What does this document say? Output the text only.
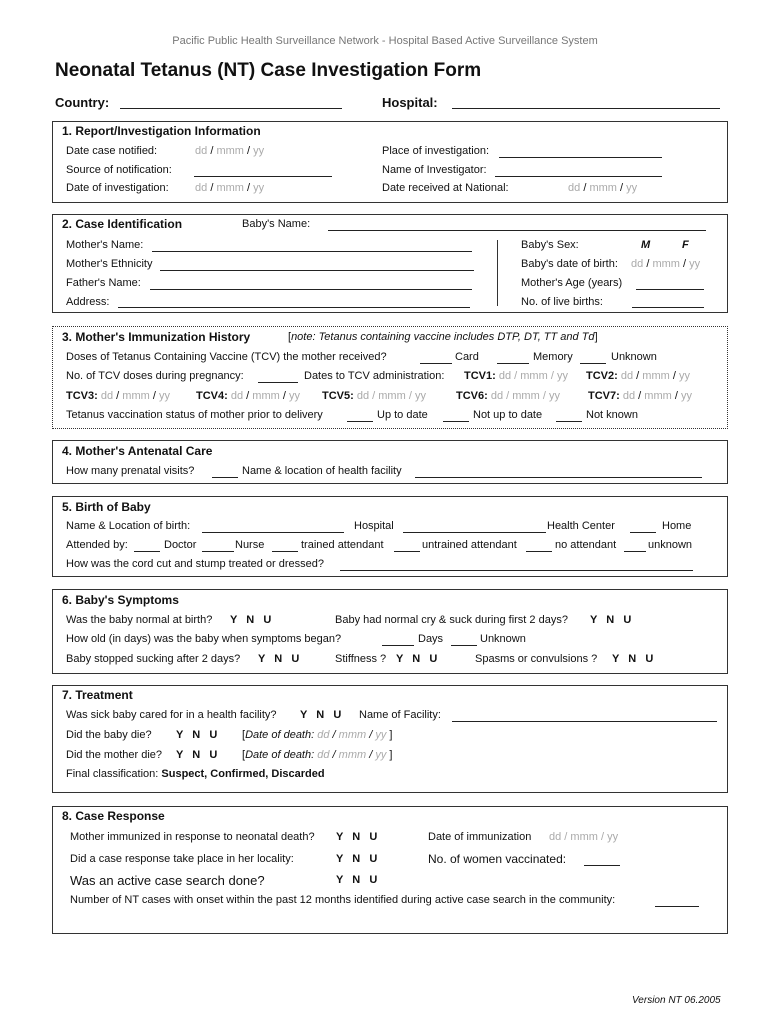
Pacific Public Health Surveillance Network - Hospital Based Active Surveillance System
Neonatal Tetanus (NT) Case Investigation Form
Country:	Hospital:
1. Report/Investigation Information
Date case notified:	dd / mmm / yy
Source of notification:
Date of investigation: dd / mmm / yy
Place of investigation:
Name of Investigator:
Date received at National:	dd / mmm / yy
2. Case Identification	Baby's Name:
Mother's Name:
Mother's Ethnicity
Father's Name:
Address:
Baby's Sex:	M	F
Baby's date of birth: dd / mmm / yy
Mother's Age (years)
No. of live births:
3. Mother's Immunization History	[note: Tetanus containing vaccine includes DTP, DT, TT and Td]
Doses of Tetanus Containing Vaccine (TCV) the mother received?	Card	Memory	Unknown
No. of TCV doses during pregnancy:	Dates to TCV administration: TCV1: dd / mmm / yy TCV2: dd / mmm / yy
TCV3: dd / mmm / yy TCV4: dd / mmm / yy TCV5: dd / mmm / yy	TCV6: dd / mmm / yy	TCV7: dd / mmm / yy
Tetanus vaccination status of mother prior to delivery	Up to date	Not up to date	Not known
4. Mother's Antenatal Care
How many prenatal visits?	Name & location of health facility
5. Birth of Baby
Name & Location of birth:	Hospital	Health Center	Home
Attended by:	Doctor	Nurse	trained attendant	untrained attendant	no attendant	unknown
How was the cord cut and stump treated or dressed?
6. Baby's Symptoms
Was the baby normal at birth? Y   N   U	Baby had normal cry & suck during first 2 days? Y   N   U
How old (in days) was the baby when symptoms began?	Days	Unknown
Baby stopped sucking after 2 days? Y   N   U	Stiffness ? Y   N   U	Spasms or convulsions ? Y   N   U
7. Treatment
Was sick baby cared for in a health facility? Y   N   U Name of Facility:
Did the baby die? Y   N   U [Date of death: dd / mmm / yy ]
Did the mother die? Y   N   U [Date of death: dd / mmm / yy ]
Final classification: Suspect, Confirmed, Discarded
8. Case Response
Mother immunized in response to neonatal death? Y   N   U	Date of immunization dd / mmm / yy
Did a case response take place in her locality:	Y   N   U	No. of women vaccinated:
Was an active case search done?	Y   N   U
Number of NT cases with onset within the past 12 months identified during active case search in the community:
Version NT 06.2005
